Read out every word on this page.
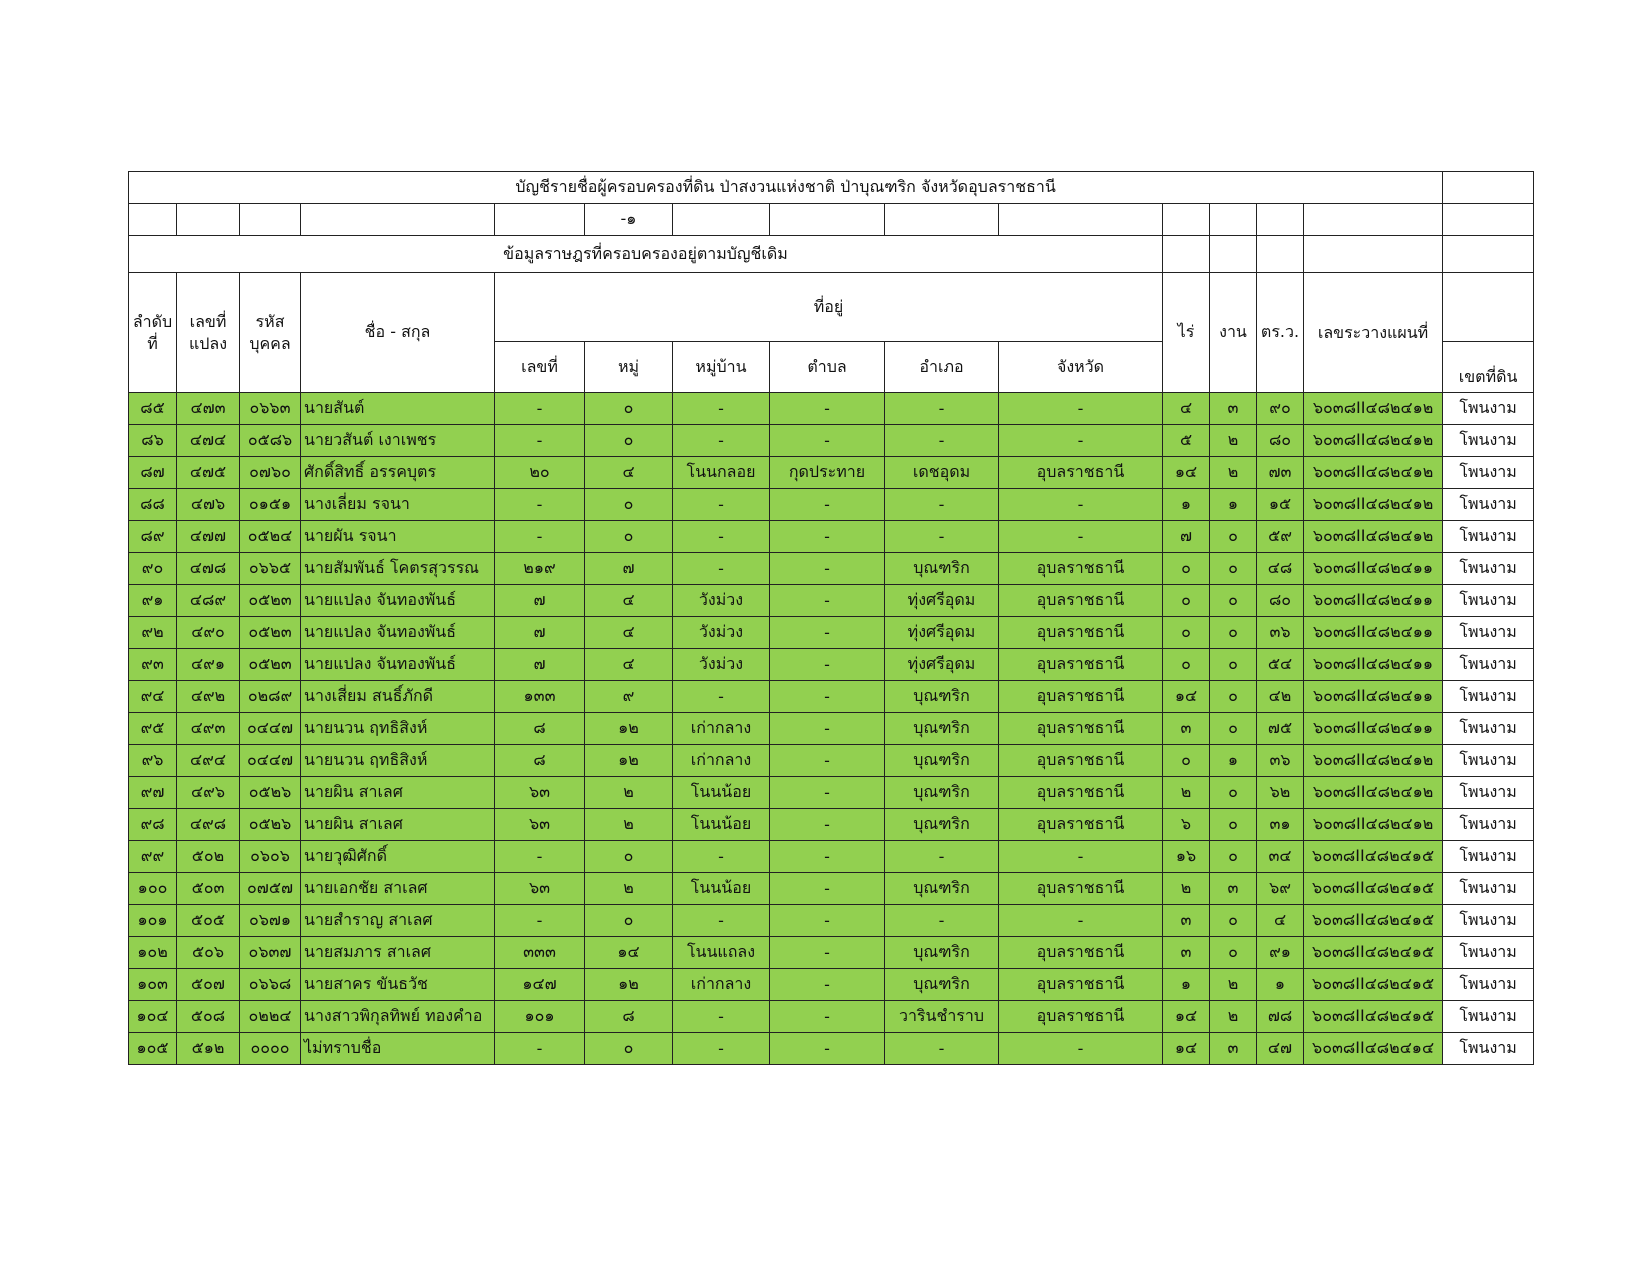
บัญชีรายชื่อผู้ครอบครองที่ดิน ป่าสงวนแห่งชาติ ป่าบุณฑริก จังหวัดอุบลราชธานี														
					-๑									
ข้อมูลราษฎรที่ครอบครองอยู่ตามบัญชีเดิม														
ลำดับที่	เลขที่แปลง	รหัสบุคคล	ชื่อ - สกุล	ที่อยู่						ไร่	งาน	ตร.ว.	เลขระวางแผนที่	
				เลขที่	หมู่	หมู่บ้าน	ตำบล	อำเภอ	จังหวัด					เขตที่ดิน
๘๕	๔๗๓	๐๖๖๓	นายสันต์	-	๐	-	-	-	-	๔	๓	๙๐	๖๐๓๘II๔๘๒๔๑๒	โพนงาม
๘๖	๔๗๔	๐๕๘๖	นายวสันต์ เงาเพชร	-	๐	-	-	-	-	๕	๒	๘๐	๖๐๓๘II๔๘๒๔๑๒	โพนงาม
๘๗	๔๗๕	๐๗๖๐	ศักดิ์สิทธิ์ อรรคบุตร	๒๐	๔	โนนกลอย	กุดประทาย	เดชอุดม	อุบลราชธานี	๑๔	๒	๗๓	๖๐๓๘II๔๘๒๔๑๒	โพนงาม
๘๘	๔๗๖	๐๑๕๑	นางเลี่ยม รจนา	-	๐	-	-	-	-	๑	๑	๑๕	๖๐๓๘II๔๘๒๔๑๒	โพนงาม
๘๙	๔๗๗	๐๕๒๔	นายผัน รจนา	-	๐	-	-	-	-	๗	๐	๕๙	๖๐๓๘II๔๘๒๔๑๒	โพนงาม
๙๐	๔๗๘	๐๖๖๕	นายสัมพันธ์ โคตรสุวรรณ	๒๑๙	๗	-	-	บุณฑริก	อุบลราชธานี	๐	๐	๔๘	๖๐๓๘II๔๘๒๔๑๑	โพนงาม
๙๑	๔๘๙	๐๕๒๓	นายแปลง จันทองพันธ์	๗	๔	วังม่วง	-	ทุ่งศรีอุดม	อุบลราชธานี	๐	๐	๘๐	๖๐๓๘II๔๘๒๔๑๑	โพนงาม
๙๒	๔๙๐	๐๕๒๓	นายแปลง จันทองพันธ์	๗	๔	วังม่วง	-	ทุ่งศรีอุดม	อุบลราชธานี	๐	๐	๓๖	๖๐๓๘II๔๘๒๔๑๑	โพนงาม
๙๓	๔๙๑	๐๕๒๓	นายแปลง จันทองพันธ์	๗	๔	วังม่วง	-	ทุ่งศรีอุดม	อุบลราชธานี	๐	๐	๕๔	๖๐๓๘II๔๘๒๔๑๑	โพนงาม
๙๔	๔๙๒	๐๒๘๙	นางเสี่ยม สนธิ์ภักดี	๑๓๓	๙	-	-	บุณฑริก	อุบลราชธานี	๑๔	๐	๔๒	๖๐๓๘II๔๘๒๔๑๑	โพนงาม
๙๕	๔๙๓	๐๔๔๗	นายนวน ฤทธิสิงห์	๘	๑๒	เก่ากลาง	-	บุณฑริก	อุบลราชธานี	๓	๐	๗๕	๖๐๓๘II๔๘๒๔๑๑	โพนงาม
๙๖	๔๙๔	๐๔๔๗	นายนวน ฤทธิสิงห์	๘	๑๒	เก่ากลาง	-	บุณฑริก	อุบลราชธานี	๐	๑	๓๖	๖๐๓๘II๔๘๒๔๑๒	โพนงาม
๙๗	๔๙๖	๐๕๒๖	นายผิน สาเลศ	๖๓	๒	โนนน้อย	-	บุณฑริก	อุบลราชธานี	๒	๐	๖๒	๖๐๓๘II๔๘๒๔๑๒	โพนงาม
๙๘	๔๙๘	๐๕๒๖	นายผิน สาเลศ	๖๓	๒	โนนน้อย	-	บุณฑริก	อุบลราชธานี	๖	๐	๓๑	๖๐๓๘II๔๘๒๔๑๒	โพนงาม
๙๙	๕๐๒	๐๖๐๖	นายวุฒิศักดิ์	-	๐	-	-	-	-	๑๖	๐	๓๔	๖๐๓๘II๔๘๒๔๑๕	โพนงาม
๑๐๐	๕๐๓	๐๗๕๗	นายเอกชัย สาเลศ	๖๓	๒	โนนน้อย	-	บุณฑริก	อุบลราชธานี	๒	๓	๖๙	๖๐๓๘II๔๘๒๔๑๕	โพนงาม
๑๐๑	๕๐๕	๐๖๗๑	นายสำราญ สาเลศ	-	๐	-	-	-	-	๓	๐	๔	๖๐๓๘II๔๘๒๔๑๕	โพนงาม
๑๐๒	๕๐๖	๐๖๓๗	นายสมภาร สาเลศ	๓๓๓	๑๔	โนนแถลง	-	บุณฑริก	อุบลราชธานี	๓	๐	๙๑	๖๐๓๘II๔๘๒๔๑๕	โพนงาม
๑๐๓	๕๐๗	๐๖๖๘	นายสาคร ขันธวัช	๑๔๗	๑๒	เก่ากลาง	-	บุณฑริก	อุบลราชธานี	๑	๒	๑	๖๐๓๘II๔๘๒๔๑๕	โพนงาม
๑๐๔	๕๐๘	๐๒๒๔	นางสาวพิกุลทิพย์ ทองคำอ	๑๐๑	๘	-	-	วารินชำราบ	อุบลราชธานี	๑๔	๒	๗๘	๖๐๓๘II๔๘๒๔๑๕	โพนงาม
๑๐๕	๕๑๒	๐๐๐๐	ไม่ทราบชื่อ	-	๐	-	-	-	-	๑๔	๓	๔๗	๖๐๓๘II๔๘๒๔๑๔	โพนงาม
